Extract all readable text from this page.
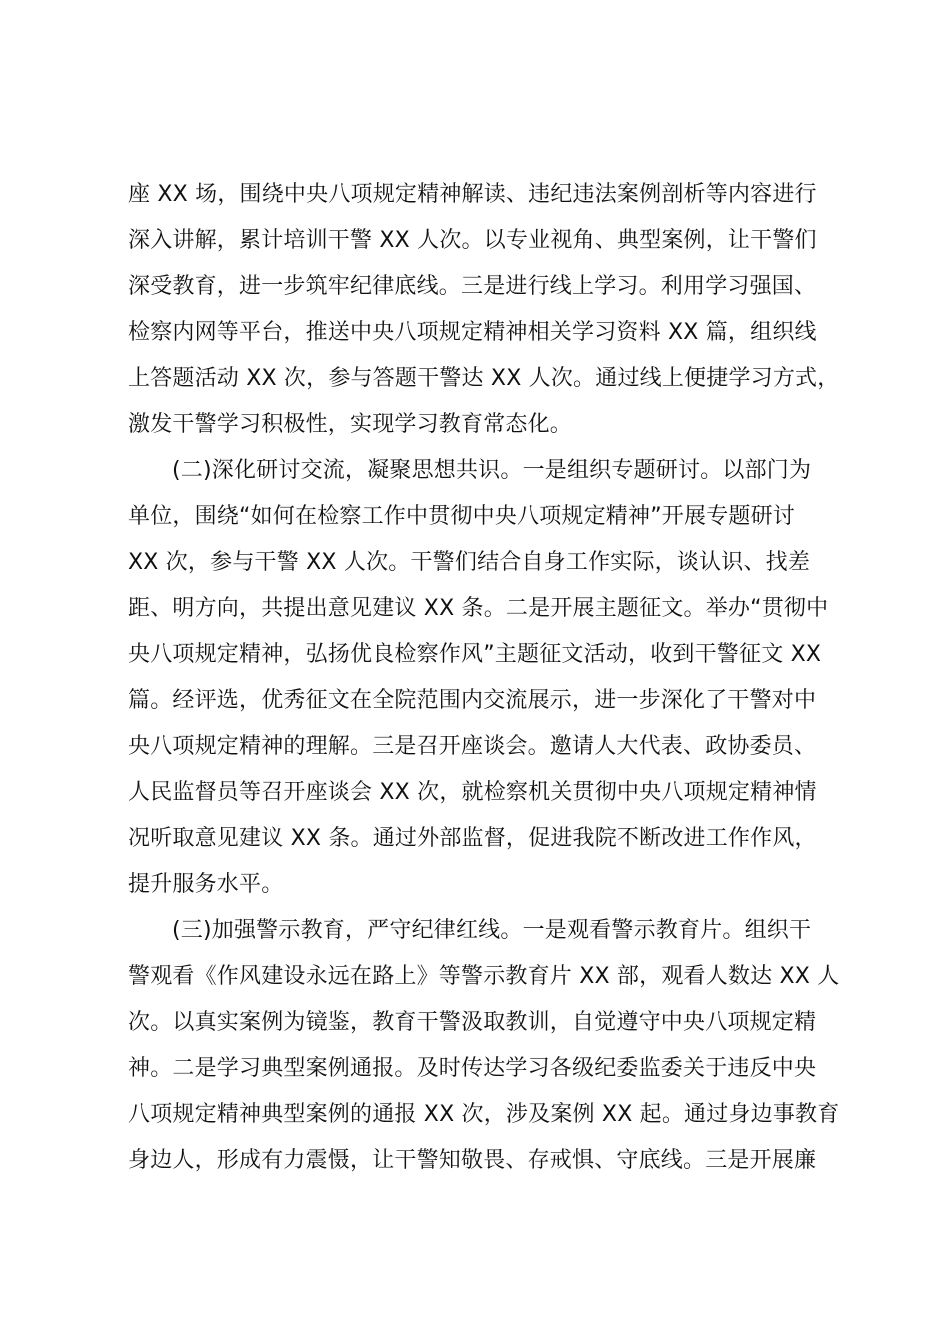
座 XX 场，围绕中央八项规定精神解读、违纪违法案例剖析等内容进行
深入讲解，累计培训干警 XX 人次。以专业视角、典型案例，让干警们
深受教育，进一步筑牢纪律底线。三是进行线上学习。利用学习强国、
检察内网等平台，推送中央八项规定精神相关学习资料 XX 篇，组织线
上答题活动 XX 次，参与答题干警达 XX 人次。通过线上便捷学习方式，
激发干警学习积极性，实现学习教育常态化。
(二)深化研讨交流，凝聚思想共识。一是组织专题研讨。以部门为
单位，围绕“如何在检察工作中贯彻中央八项规定精神”开展专题研讨
XX 次，参与干警 XX 人次。干警们结合自身工作实际，谈认识、找差
距、明方向，共提出意见建议 XX 条。二是开展主题征文。举办“贯彻中
央八项规定精神，弘扬优良检察作风”主题征文活动，收到干警征文 XX
篇。经评选，优秀征文在全院范围内交流展示，进一步深化了干警对中
央八项规定精神的理解。三是召开座谈会。邀请人大代表、政协委员、
人民监督员等召开座谈会 XX 次，就检察机关贯彻中央八项规定精神情
况听取意见建议 XX 条。通过外部监督，促进我院不断改进工作作风，
提升服务水平。
(三)加强警示教育，严守纪律红线。一是观看警示教育片。组织干
警观看《作风建设永远在路上》等警示教育片 XX 部，观看人数达 XX 人
次。以真实案例为镜鉴，教育干警汲取教训，自觉遵守中央八项规定精
神。二是学习典型案例通报。及时传达学习各级纪委监委关于违反中央
八项规定精神典型案例的通报 XX 次，涉及案例 XX 起。通过身边事教育
身边人，形成有力震慑，让干警知敬畏、存戒惧、守底线。三是开展廉
